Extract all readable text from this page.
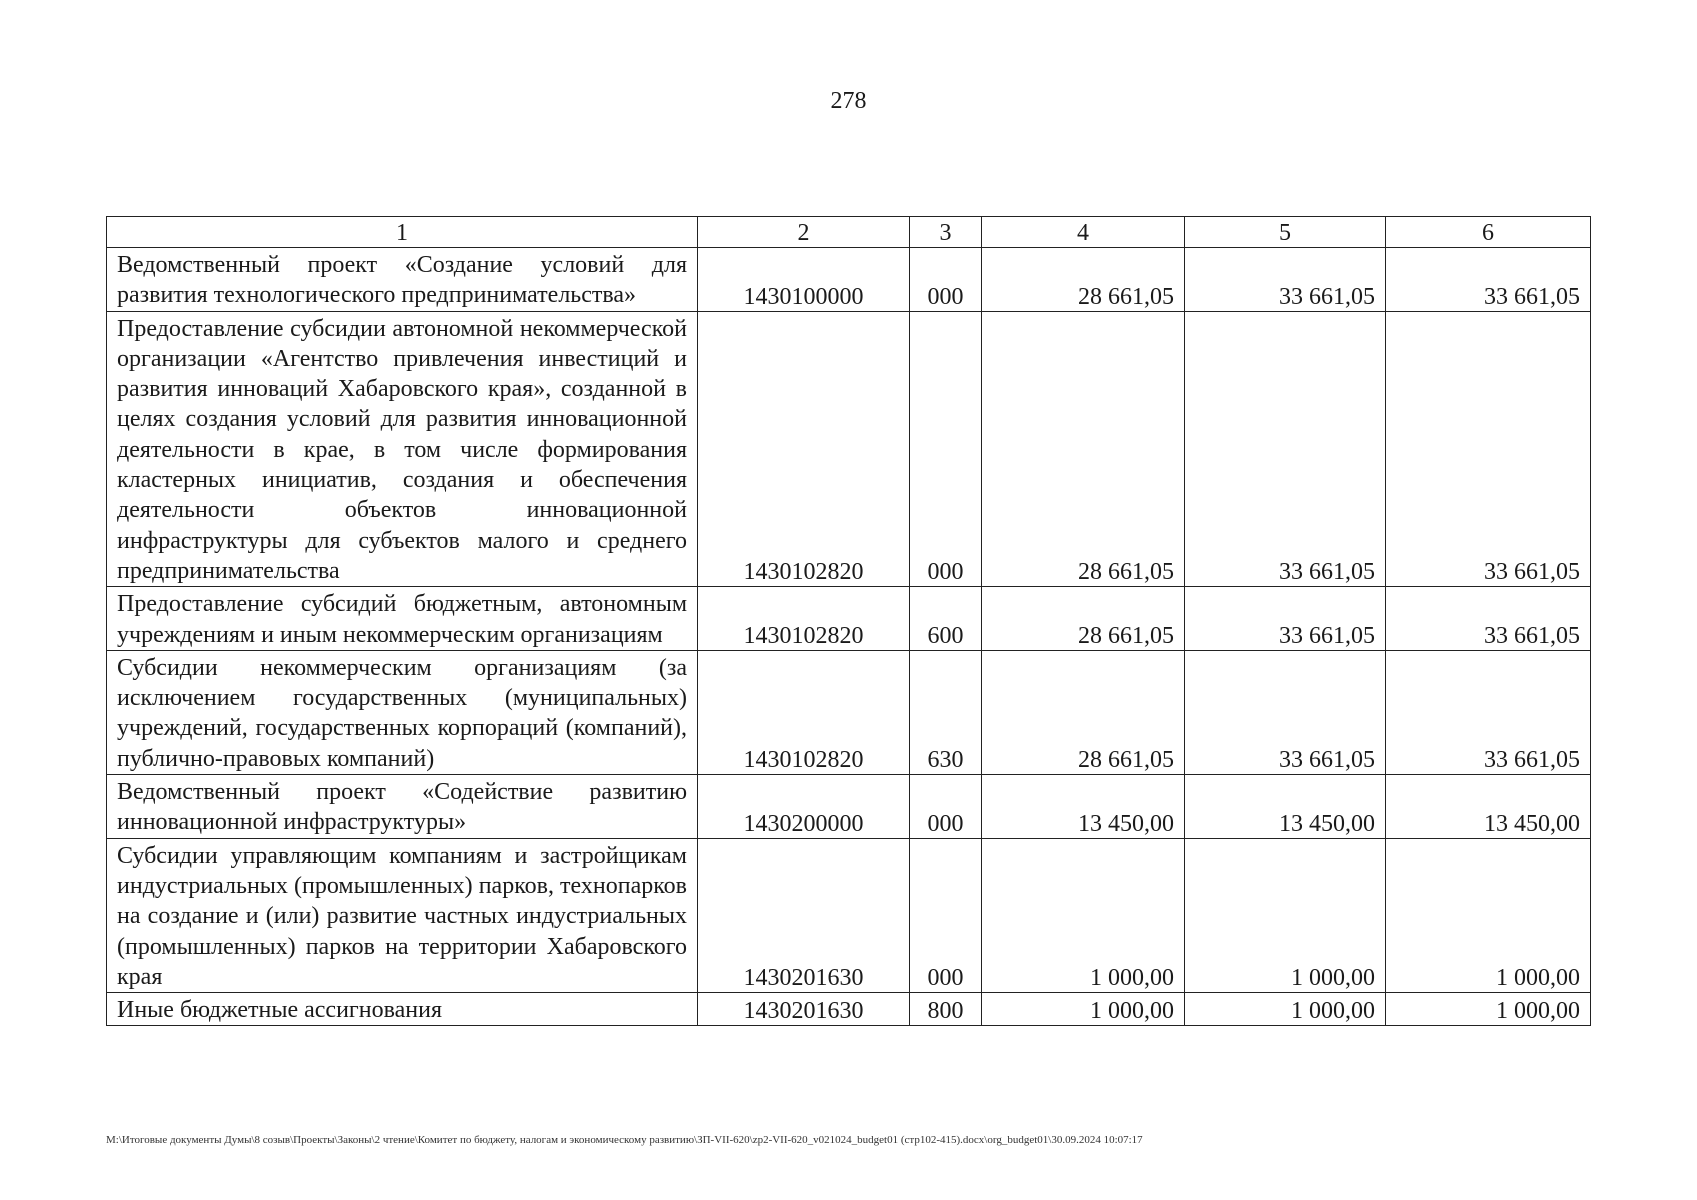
278
1	2	3	4	5	6
Ведомственный проект «Создание условий для развития технологического предпринимательства»	1430100000	000	28 661,05	33 661,05	33 661,05
Предоставление субсидии автономной некоммерческой организации «Агентство привлечения инвестиций и развития инноваций Хабаровского края», созданной в целях создания условий для развития инновационной деятельности в крае, в том числе формирования кластерных инициатив, создания и обеспечения деятельности объектов инновационной инфраструктуры для субъектов малого и среднего предпринимательства	1430102820	000	28 661,05	33 661,05	33 661,05
Предоставление субсидий бюджетным, автономным учреждениям и иным некоммерческим организациям	1430102820	600	28 661,05	33 661,05	33 661,05
Субсидии некоммерческим организациям (за исключением государственных (муниципальных) учреждений, государственных корпораций (компаний), публично-правовых компаний)	1430102820	630	28 661,05	33 661,05	33 661,05
Ведомственный проект «Содействие развитию инновационной инфраструктуры»	1430200000	000	13 450,00	13 450,00	13 450,00
Субсидии управляющим компаниям и застройщикам индустриальных (промышленных) парков, технопарков на создание и (или) развитие частных индустриальных (промышленных) парков на территории Хабаровского края	1430201630	000	1 000,00	1 000,00	1 000,00
Иные бюджетные ассигнования	1430201630	800	1 000,00	1 000,00	1 000,00
M:\Итоговые документы Думы\8 созыв\Проекты\Законы\2 чтение\Комитет по бюджету, налогам и экономическому развитию\ЗП-VII-620\zp2-VII-620_v021024_budget01 (стр102-415).docx\org_budget01\30.09.2024 10:07:17
